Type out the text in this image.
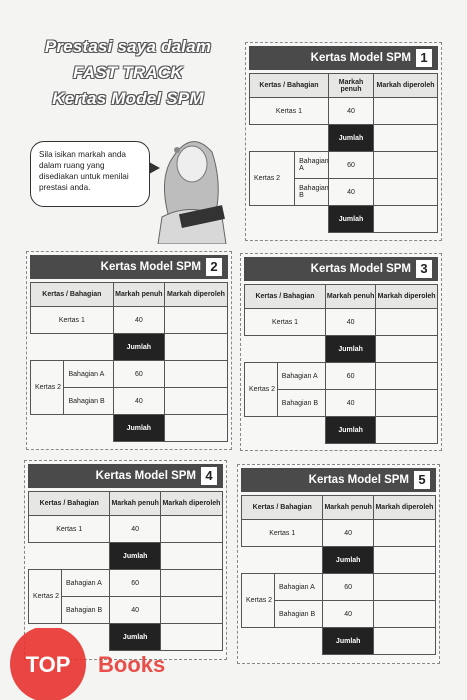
Prestasi saya dalam
FAST TRACK
Kertas Model SPM
Sila isikan markah anda dalam ruang yang disediakan untuk menilai prestasi anda.
Kertas Model SPM 1
Kertas / Bahagian		Markah penuh	Markah diperoleh
Kertas 1		40	
		Jumlah	
Kertas 2	Bahagian A	60	
	Bahagian B	40	
		Jumlah	
Kertas Model SPM 2
Kertas / Bahagian		Markah penuh	Markah diperoleh
Kertas 1		40	
		Jumlah	
Kertas 2	Bahagian A	60	
	Bahagian B	40	
		Jumlah	
Kertas Model SPM 3
Kertas / Bahagian		Markah penuh	Markah diperoleh
Kertas 1		40	
		Jumlah	
Kertas 2	Bahagian A	60	
	Bahagian B	40	
		Jumlah	
Kertas Model SPM 4
Kertas / Bahagian		Markah penuh	Markah diperoleh
Kertas 1		40	
		Jumlah	
Kertas 2	Bahagian A	60	
	Bahagian B	40	
		Jumlah	
Kertas Model SPM 5
Kertas / Bahagian		Markah penuh	Markah diperoleh
Kertas 1		40	
		Jumlah	
Kertas 2	Bahagian A	60	
	Bahagian B	40	
		Jumlah	
TOP Books
